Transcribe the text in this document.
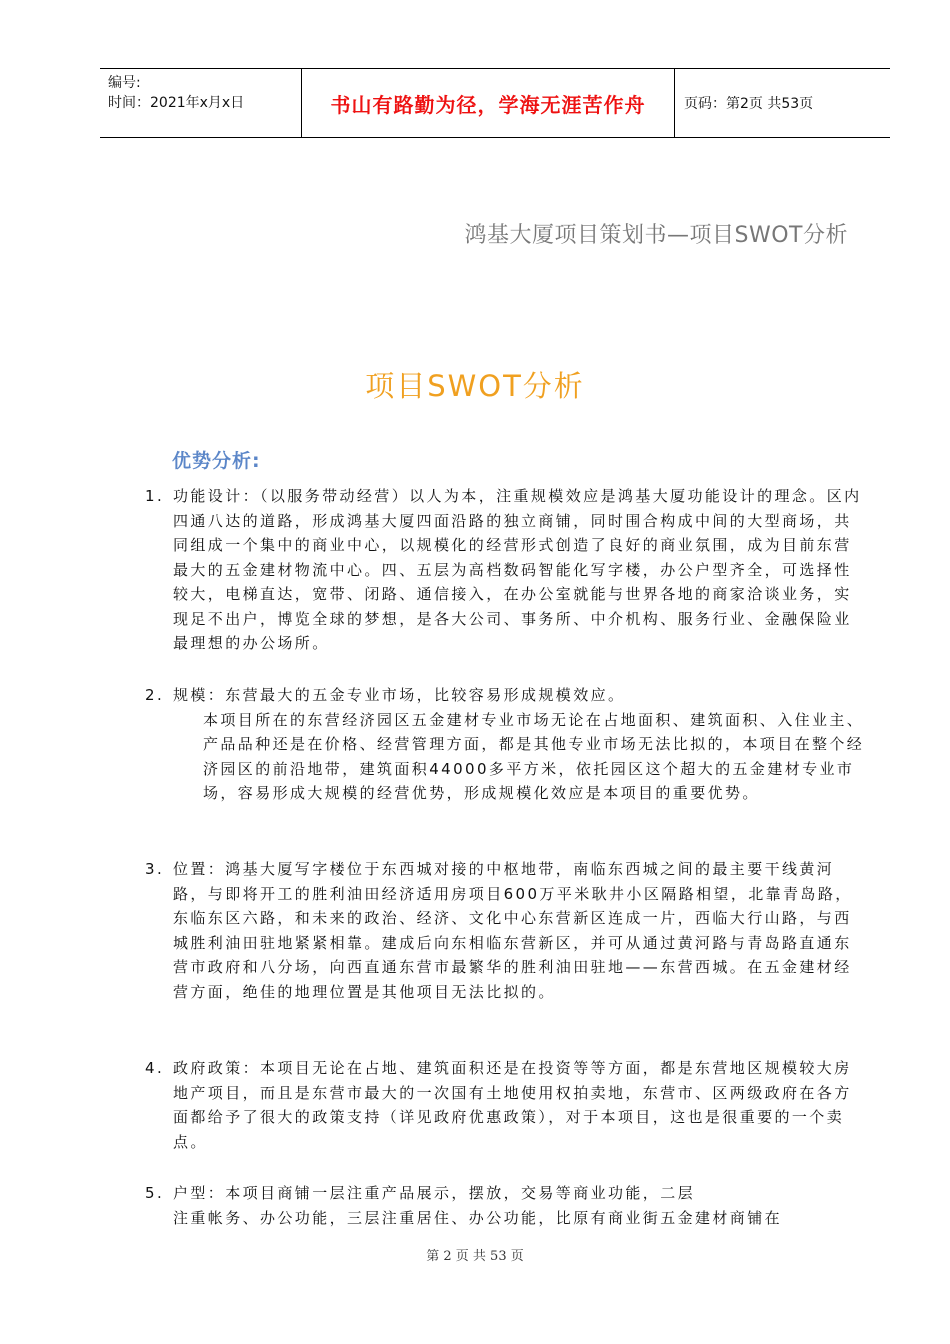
编号:
时间：2021年x月x日	书山有路勤为径，学海无涯苦作舟	页码：第2页 共53页
鸿基大厦项目策划书—项目SWOT分析
项目SWOT分析
优势分析:
1. 功能设计：（以服务带动经营）以人为本，注重规模效应是鸿基大厦功能设计的理念。区内四通八达的道路，形成鸿基大厦四面沿路的独立商铺，同时围合构成中间的大型商场，共同组成一个集中的商业中心，以规模化的经营形式创造了良好的商业氛围，成为目前东营最大的五金建材物流中心。四、五层为高档数码智能化写字楼，办公户型齐全，可选择性较大，电梯直达，宽带、闭路、通信接入，在办公室就能与世界各地的商家洽谈业务，实现足不出户，博览全球的梦想，是各大公司、事务所、中介机构、服务行业、金融保险业最理想的办公场所。
2. 规模：东营最大的五金专业市场，比较容易形成规模效应。
本项目所在的东营经济园区五金建材专业市场无论在占地面积、建筑面积、入住业主、产品品种还是在价格、经营管理方面，都是其他专业市场无法比拟的，本项目在整个经济园区的前沿地带，建筑面积44000多平方米，依托园区这个超大的五金建材专业市场，容易形成大规模的经营优势，形成规模化效应是本项目的重要优势。
3. 位置：鸿基大厦写字楼位于东西城对接的中枢地带，南临东西城之间的最主要干线黄河路，与即将开工的胜利油田经济适用房项目600万平米耿井小区隔路相望，北靠青岛路，东临东区六路，和未来的政治、经济、文化中心东营新区连成一片，西临大行山路，与西城胜利油田驻地紧紧相靠。建成后向东相临东营新区，并可从通过黄河路与青岛路直通东营市政府和八分场，向西直通东营市最繁华的胜利油田驻地——东营西城。在五金建材经营方面，绝佳的地理位置是其他项目无法比拟的。
4. 政府政策：本项目无论在占地、建筑面积还是在投资等等方面，都是东营地区规模较大房地产项目，而且是东营市最大的一次国有土地使用权拍卖地，东营市、区两级政府在各方面都给予了很大的政策支持（详见政府优惠政策），对于本项目，这也是很重要的一个卖点。
5. 户型：本项目商铺一层注重产品展示，摆放，交易等商业功能，二层
注重帐务、办公功能，三层注重居住、办公功能，比原有商业街五金建材商铺在
第 2 页 共 53 页
